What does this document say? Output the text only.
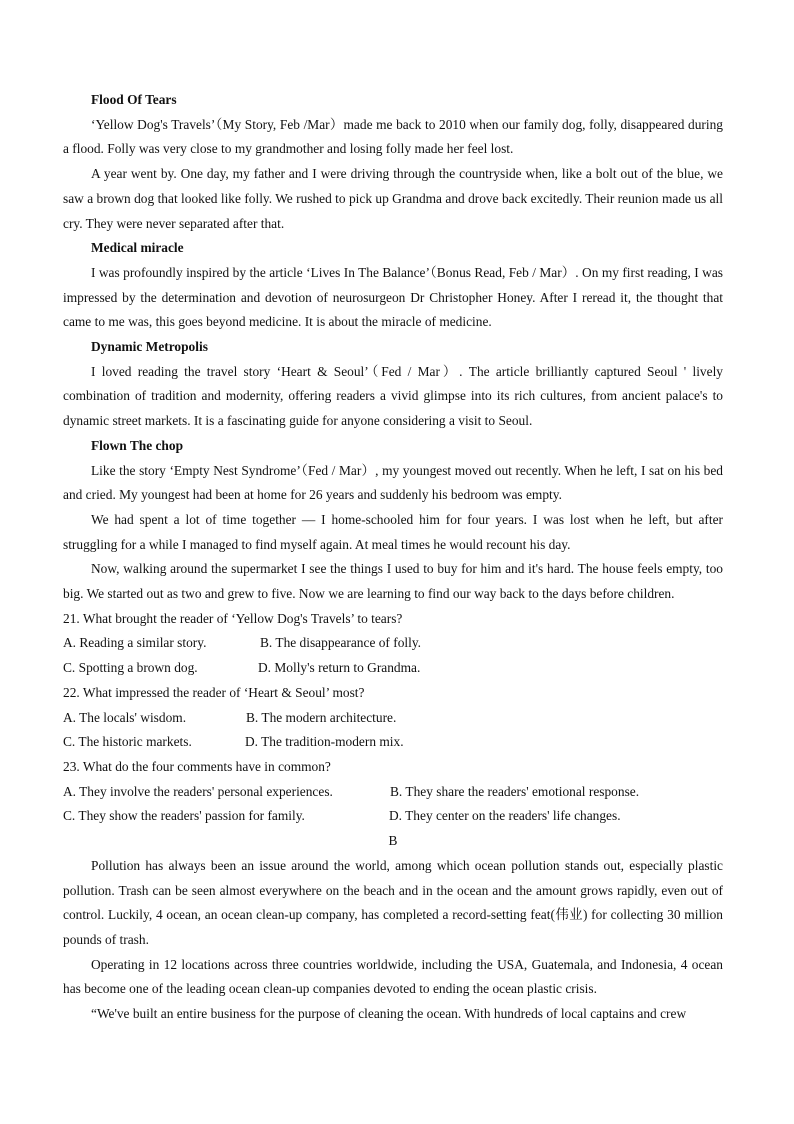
Flood Of Tears

‘Yellow Dog's Travels’（My Story, Feb /Mar）made me back to 2010 when our family dog, folly, disappeared during a flood. Folly was very close to my grandmother and losing folly made her feel lost.

A year went by. One day, my father and I were driving through the countryside when, like a bolt out of the blue, we saw a brown dog that looked like folly. We rushed to pick up Grandma and drove back excitedly. Their reunion made us all cry. They were never separated after that.

Medical miracle

I was profoundly inspired by the article ‘Lives In The Balance’（Bonus Read, Feb / Mar）. On my first reading, I was impressed by the determination and devotion of neurosurgeon Dr Christopher Honey. After I reread it, the thought that came to me was, this goes beyond medicine. It is about the miracle of medicine.

Dynamic Metropolis

I loved reading the travel story ‘Heart & Seoul’（Fed / Mar）. The article brilliantly captured Seoul ' lively combination of tradition and modernity, offering readers a vivid glimpse into its rich cultures, from ancient palace's to dynamic street markets. It is a fascinating guide for anyone considering a visit to Seoul.

Flown The chop

Like the story ‘Empty Nest Syndrome’（Fed / Mar）, my youngest moved out recently. When he left, I sat on his bed and cried. My youngest had been at home for 26 years and suddenly his bedroom was empty.

We had spent a lot of time together — I home-schooled him for four years. I was lost when he left, but after struggling for a while I managed to find myself again. At meal times he would recount his day.

Now, walking around the supermarket I see the things I used to buy for him and it's hard. The house feels empty, too big. We started out as two and grew to five. Now we are learning to find our way back to the days before children.

21. What brought the reader of ‘Yellow Dog's Travels’ to tears?

A. Reading a similar story.	B. The disappearance of folly.
C. Spotting a brown dog.	D. Molly's return to Grandma.

22. What impressed the reader of ‘Heart & Seoul’ most?

A. The locals' wisdom.	B. The modern architecture.
C. The historic markets.	D. The tradition-modern mix.

23. What do the four comments have in common?

A. They involve the readers' personal experiences.	B. They share the readers' emotional response.
C. They show the readers' passion for family.	D. They center on the readers' life changes.

B

Pollution has always been an issue around the world, among which ocean pollution stands out, especially plastic pollution. Trash can be seen almost everywhere on the beach and in the ocean and the amount grows rapidly, even out of control. Luckily, 4 ocean, an ocean clean-up company, has completed a record-setting feat(伟业) for collecting 30 million pounds of trash.

Operating in 12 locations across three countries worldwide, including the USA, Guatemala, and Indonesia, 4 ocean has become one of the leading ocean clean-up companies devoted to ending the ocean plastic crisis.

“We've built an entire business for the purpose of cleaning the ocean. With hundreds of local captains and crew
